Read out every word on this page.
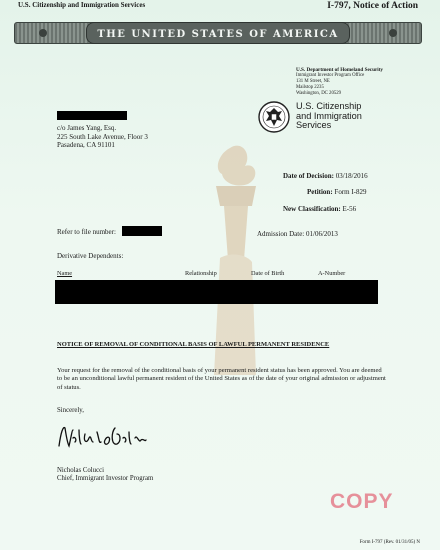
U.S. Citizenship and Immigration Services	I-797, Notice of Action
THE UNITED STATES OF AMERICA
U.S. Department of Homeland Security
Immigrant Investor Program Office
131 M Street, NE
Mailstop 2235
Washington, DC 20529
U.S. Citizenship
and Immigration
Services
c/o James Yang, Esq.
225 South Lake Avenue, Floor 3
Pasadena, CA 91101
Date of Decision: 03/18/2016
Petition: Form I-829
New Classification: E-56
Refer to file number:	Admission Date: 01/06/2013
Derivative Dependents:
Name	Relationship	Date of Birth	A-Number
NOTICE OF REMOVAL OF CONDITIONAL BASIS OF LAWFUL PERMANENT RESIDENCE
Your request for the removal of the conditional basis of your permanent resident status has been approved. You are deemed to be an unconditional lawful permanent resident of the United States as of the date of your original admission or adjustment of status.
Sincerely,
Nicholas Colucci
Chief, Immigrant Investor Program
COPY
Form I-797 (Rev. 01/31/05) N
